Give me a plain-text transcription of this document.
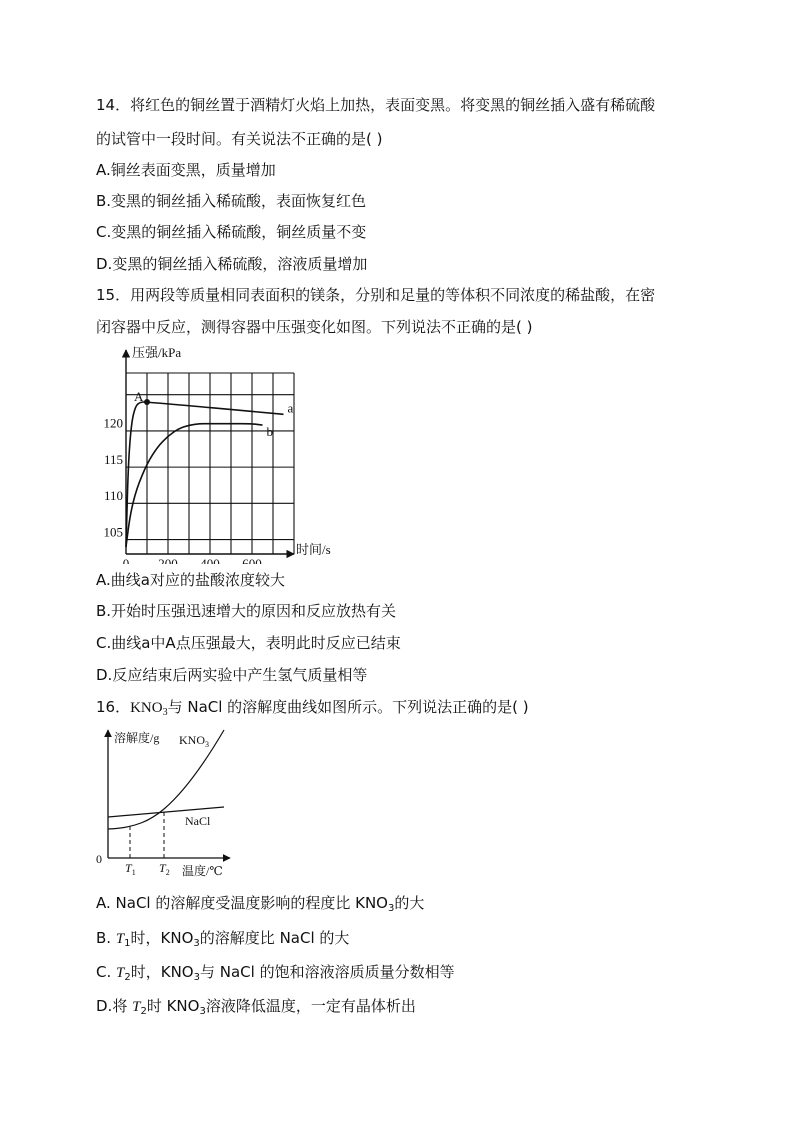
14．将红色的铜丝置于酒精灯火焰上加热，表面变黑。将变黑的铜丝插入盛有稀硫酸
的试管中一段时间。有关说法不正确的是( )
A.铜丝表面变黑，质量增加
B.变黑的铜丝插入稀硫酸，表面恢复红色
C.变黑的铜丝插入稀硫酸，铜丝质量不变
D.变黑的铜丝插入稀硫酸，溶液质量增加
15．用两段等质量相同表面积的镁条，分别和足量的等体积不同浓度的稀盐酸，在密
闭容器中反应，测得容器中压强变化如图。下列说法不正确的是( )
压强/kPa
时间/s
0 200 400 600
105
110
115
120
a
b
A
A.曲线a对应的盐酸浓度较大
B.开始时压强迅速增大的原因和反应放热有关
C.曲线a中A点压强最大，表明此时反应已结束
D.反应结束后两实验中产生氢气质量相等
16．$KNO_3$与 NaCl 的溶解度曲线如图所示。下列说法正确的是( )
溶解度/g
0
温度/℃
$KNO_3$
NaCl
$T_1$ $T_2$
A. NaCl 的溶解度受温度影响的程度比 $KNO_3$的大
B. $T_1$时，$KNO_3$的溶解度比 NaCl 的大
C. $T_2$时，$KNO_3$与 NaCl 的饱和溶液溶质质量分数相等
D.将 $T_2$时 $KNO_3$溶液降低温度，一定有晶体析出
